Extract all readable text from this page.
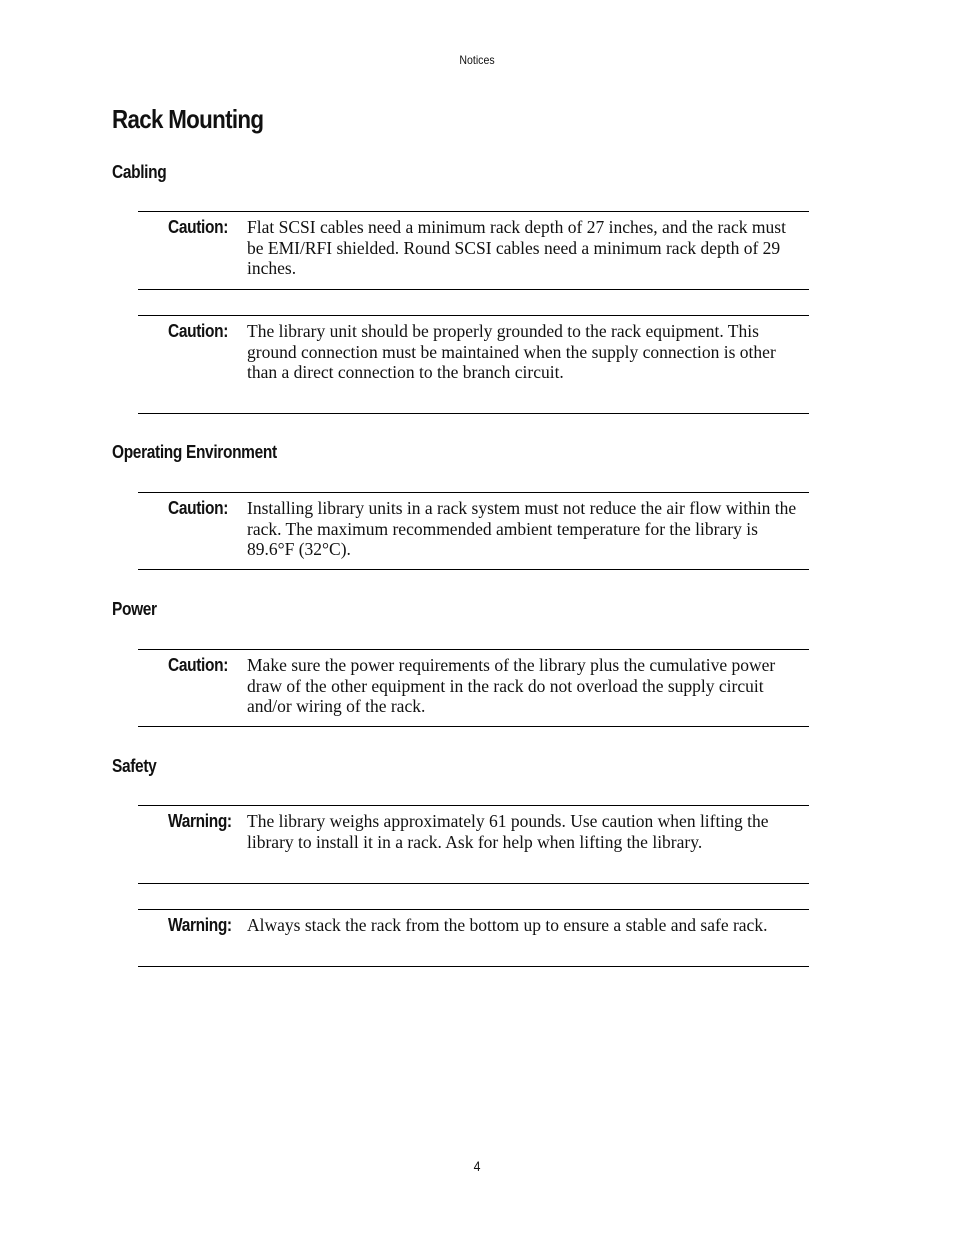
Notices
Rack Mounting
Cabling
Caution: Flat SCSI cables need a minimum rack depth of 27 inches, and the rack must be EMI/RFI shielded. Round SCSI cables need a minimum rack depth of 29 inches.
Caution: The library unit should be properly grounded to the rack equipment. This ground connection must be maintained when the supply connection is other than a direct connection to the branch circuit.
Operating Environment
Caution: Installing library units in a rack system must not reduce the air flow within the rack. The maximum recommended ambient temperature for the library is 89.6°F (32°C).
Power
Caution: Make sure the power requirements of the library plus the cumulative power draw of the other equipment in the rack do not overload the supply circuit and/or wiring of the rack.
Safety
Warning: The library weighs approximately 61 pounds. Use caution when lifting the library to install it in a rack. Ask for help when lifting the library.
Warning: Always stack the rack from the bottom up to ensure a stable and safe rack.
4
